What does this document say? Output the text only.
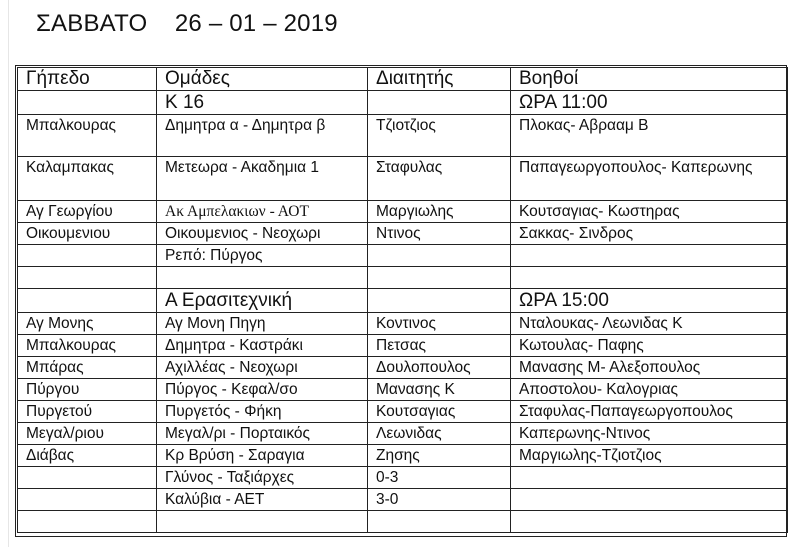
ΣΑΒΒΑΤΟ    26 – 01 – 2019
Γήπεδο	Ομάδες	Διαιτητής	Βοηθοί
	Κ 16		ΩΡΑ 11:00
Μπαλκουρας	Δημητρα α - Δημητρα β	Τζιοτζιος	Πλοκας- Αβρααμ Β
Καλαμπακας	Μετεωρα - Ακαδημια 1	Σταφυλας	Παπαγεωργοπουλος- Καπερωνης
Αγ Γεωργίου	Ακ Αμπελακιων - ΑΟΤ	Μαργιωλης	Κουτσαγιας- Κωστηρας
Οικουμενιου	Οικουμενιος - Νεοχωρι	Ντινος	Σακκας- Σινδρος
	Ρεπό: Πύργος		

	Α Ερασιτεχνική		ΩΡΑ 15:00
Αγ Μονης	Αγ Μονη Πηγη	Κοντινος	Νταλουκας- Λεωνιδας Κ
Μπαλκουρας	Δημητρα - Καστράκι	Πετσας	Κωτουλας- Παφης
Μπάρας	Αχιλλέας - Νεοχωρι	Δουλοπουλος	Μανασης Μ- Αλεξοπουλος
Πύργου	Πύργος - Κεφαλ/σο	Μανασης Κ	Αποστολου- Καλογριας
Πυργετού	Πυργετός - Φήκη	Κουτσαγιας	Σταφυλας-Παπαγεωργοπουλος
Μεγαλ/ριου	Μεγαλ/ρι - Πορταικός	Λεωνιδας	Καπερωνης-Ντινος
Διάβας	Κρ Βρύση - Σαραγια	Ζησης	Μαργιωλης-Τζιοτζιος
	Γλύνος - Ταξιάρχες	0-3	
	Καλύβια - ΑΕΤ	3-0	
